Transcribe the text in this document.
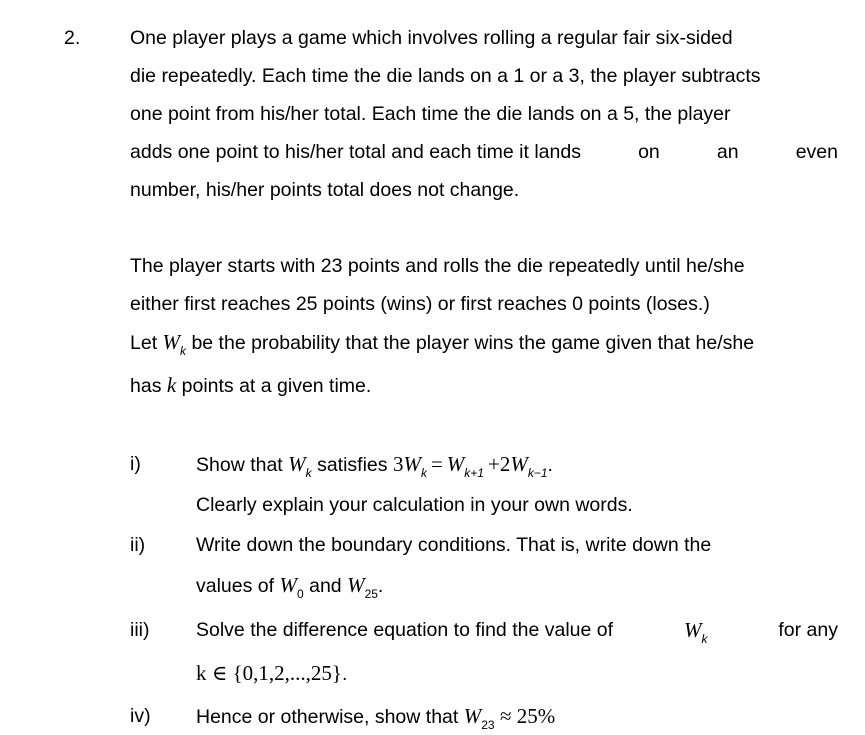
2.	One player plays a game which involves rolling a regular fair six-sided
die repeatedly. Each time the die lands on a 1 or a 3, the player subtracts
one point from his/her total. Each time the die lands on a 5, the player
adds one point to his/her total and each time it lands	on	an	even
number, his/her points total does not change.
The player starts with 23 points and rolls the die repeatedly until he/she
either first reaches 25 points (wins) or first reaches 0 points (loses.)
Let $W_k$ be the probability that the player wins the game given that he/she
has k points at a given time.
i)	Show that $W_k$ satisfies $3W_k = W_{k+1} +2W_{k-1}$.
Clearly explain your calculation in your own words.
ii)	Write down the boundary conditions. That is, write down the
values of $W_0$ and $W_{25}$.
iii) Solve the difference equation to find the value of	$W_k$	for any
k ∈ {0,1,2,...,25}.
iv) Hence or otherwise, show that $W_{23} \approx 25\%$
